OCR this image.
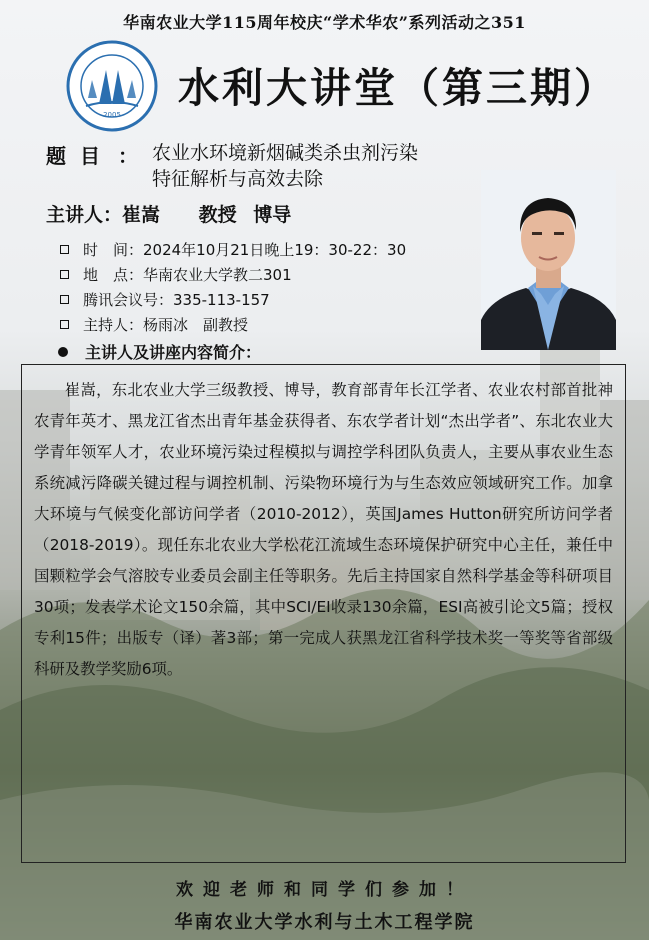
华南农业大学115周年校庆“学术华农”系列活动之351
2005
水利大讲堂（第三期）
题目 ： 农业水环境新烟碱类杀虫剂污染
特征解析与高效去除
主讲人：崔嵩 教授 博导
时　间：2024年10月21日晚上19：30-22：30
地　点：华南农业大学教二301
腾讯会议号：335-113-157
主持人：杨雨冰　副教授
主讲人及讲座内容简介：

崔嵩，东北农业大学三级教授、博导，教育部青年长江学者、农业农村部首批神农青年英才、黑龙江省杰出青年基金获得者、东农学者计划“杰出学者”、东北农业大学青年领军人才，农业环境污染过程模拟与调控学科团队负责人，主要从事农业生态系统减污降碳关键过程与调控机制、污染物环境行为与生态效应领域研究工作。加拿大环境与气候变化部访问学者（2010-2012），英国James Hutton研究所访问学者（2018-2019）。现任东北农业大学松花江流域生态环境保护研究中心主任，兼任中国颗粒学会气溶胶专业委员会副主任等职务。先后主持国家自然科学基金等科研项目30项；发表学术论文150余篇，其中SCI/EI收录130余篇，ESI高被引论文5篇；授权专利15件；出版专（译）著3部；第一完成人获黑龙江省科学技术奖一等奖等省部级科研及教学奖励6项。

欢迎老师和同学们参加！
华南农业大学水利与土木工程学院
